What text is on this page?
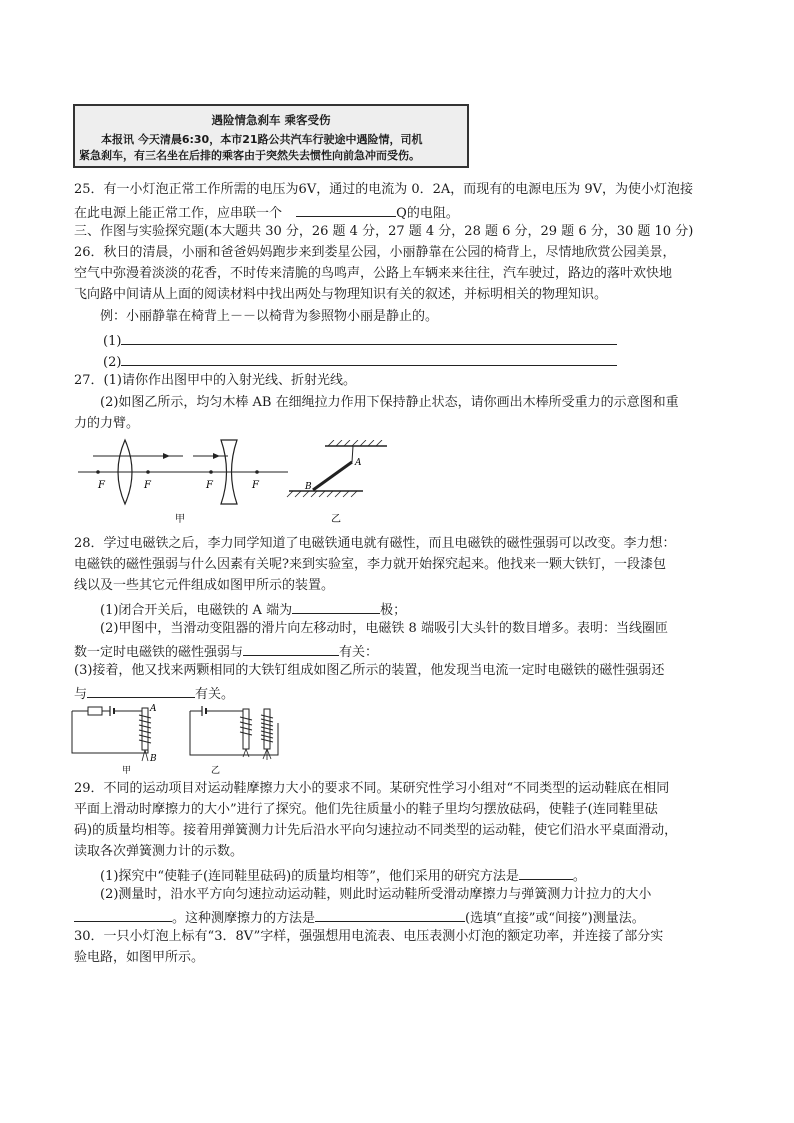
遇险情急刹车 乘客受伤
本报讯 今天清晨6:30，本市21路公共汽车行驶途中遇险情，司机
紧急刹车，有三名坐在后排的乘客由于突然失去惯性向前急冲而受伤。
25．有一小灯泡正常工作所需的电压为6V，通过的电流为 0．2A，而现有的电源电压为 9V，为使小灯泡接
在此电源上能正常工作，应串联一个	Q的电阻。
三、作图与实验探究题(本大题共 30 分，26 题 4 分，27 题 4 分，28 题 6 分，29 题 6 分，30 题 10 分)
26．秋日的清晨，小丽和爸爸妈妈跑步来到娄星公园，小丽静靠在公园的椅背上，尽情地欣赏公园美景，
空气中弥漫着淡淡的花香，不时传来清脆的鸟鸣声，公路上车辆来来往往，汽车驶过，路边的落叶欢快地
飞向路中间请从上面的阅读材料中找出两处与物理知识有关的叙述，并标明相关的物理知识。
例：小丽静靠在椅背上－－以椅背为参照物小丽是静止的。
(1)
(2)
27．(1)请你作出图甲中的入射光线、折射光线。
(2)如图乙所示，均匀木棒 AB 在细绳拉力作用下保持静止状态，请你画出木棒所受重力的示意图和重
力的力臂。
F	F	F	F
甲
A
B
乙
28．学过电磁铁之后，李力同学知道了电磁铁通电就有磁性，而且电磁铁的磁性强弱可以改变。李力想：
电磁铁的磁性强弱与什么因素有关呢?来到实验室，李力就开始探究起来。他找来一颗大铁钉，一段漆包
线以及一些其它元件组成如图甲所示的装置。
(1)闭合开关后，电磁铁的 A 端为	极；
(2)甲图中，当滑动变阻器的滑片向左移动时，电磁铁 8 端吸引大头针的数目增多。表明：当线圈匝
数一定时电磁铁的磁性强弱与	有关：
(3)接着，他又找来两颗相同的大铁钉组成如图乙所示的装置，他发现当电流一定时电磁铁的磁性强弱还
与	有关。
A
B
甲	乙
29．不同的运动项目对运动鞋摩擦力大小的要求不同。某研究性学习小组对“不同类型的运动鞋底在相同
平面上滑动时摩擦力的大小”进行了探究。他们先往质量小的鞋子里均匀摆放砝码，使鞋子(连同鞋里砝
码)的质量均相等。接着用弹簧测力计先后沿水平向匀速拉动不同类型的运动鞋，使它们沿水平桌面滑动，
读取各次弹簧测力计的示数。
(1)探究中“使鞋子(连同鞋里砝码)的质量均相等”，他们采用的研究方法是	。
(2)测量时，沿水平方向匀速拉动运动鞋，则此时运动鞋所受滑动摩擦力与弹簧测力计拉力的大小
。这种测摩擦力的方法是	(选填“直接”或“间接”)测量法。
30．一只小灯泡上标有“3．8V”字样，强强想用电流表、电压表测小灯泡的额定功率，并连接了部分实
验电路，如图甲所示。
